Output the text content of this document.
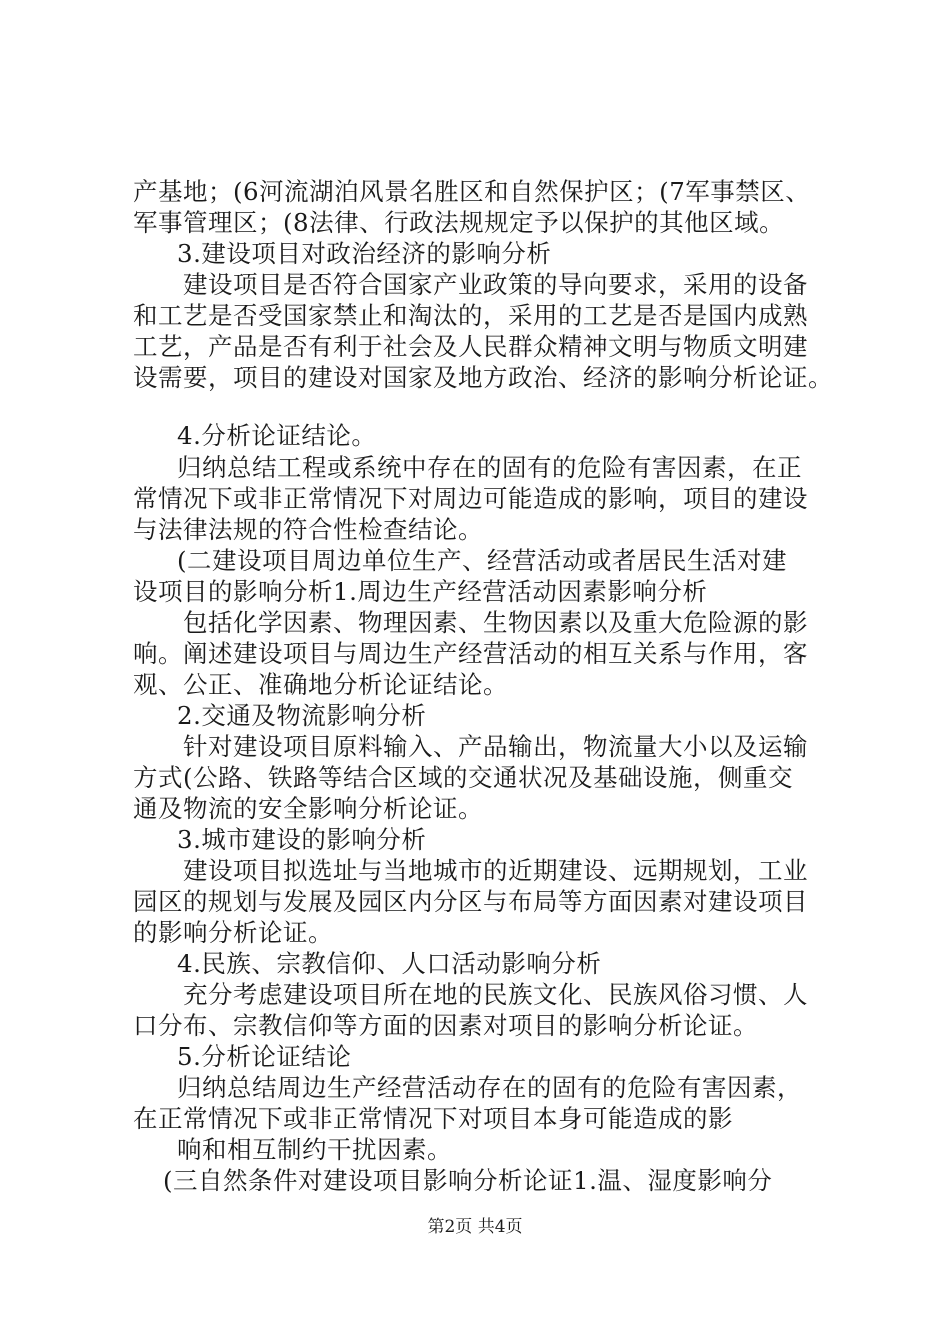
产基地；(6河流湖泊风景名胜区和自然保护区；(7军事禁区、
军事管理区；(8法律、行政法规规定予以保护的其他区域。
3.建设项目对政治经济的影响分析
建设项目是否符合国家产业政策的导向要求，采用的设备
和工艺是否受国家禁止和淘汰的，采用的工艺是否是国内成熟
工艺，产品是否有利于社会及人民群众精神文明与物质文明建
设需要，项目的建设对国家及地方政治、经济的影响分析论证。
4.分析论证结论。
归纳总结工程或系统中存在的固有的危险有害因素，在正
常情况下或非正常情况下对周边可能造成的影响，项目的建设
与法律法规的符合性检查结论。
(二建设项目周边单位生产、经营活动或者居民生活对建
设项目的影响分析1.周边生产经营活动因素影响分析
包括化学因素、物理因素、生物因素以及重大危险源的影
响。阐述建设项目与周边生产经营活动的相互关系与作用，客
观、公正、准确地分析论证结论。
2.交通及物流影响分析
针对建设项目原料输入、产品输出，物流量大小以及运输
方式(公路、铁路等结合区域的交通状况及基础设施，侧重交
通及物流的安全影响分析论证。
3.城市建设的影响分析
建设项目拟选址与当地城市的近期建设、远期规划，工业
园区的规划与发展及园区内分区与布局等方面因素对建设项目
的影响分析论证。
4.民族、宗教信仰、人口活动影响分析
充分考虑建设项目所在地的民族文化、民族风俗习惯、人
口分布、宗教信仰等方面的因素对项目的影响分析论证。
5.分析论证结论
归纳总结周边生产经营活动存在的固有的危险有害因素，
在正常情况下或非正常情况下对项目本身可能造成的影
响和相互制约干扰因素。
(三自然条件对建设项目影响分析论证1.温、湿度影响分
第2页 共4页
